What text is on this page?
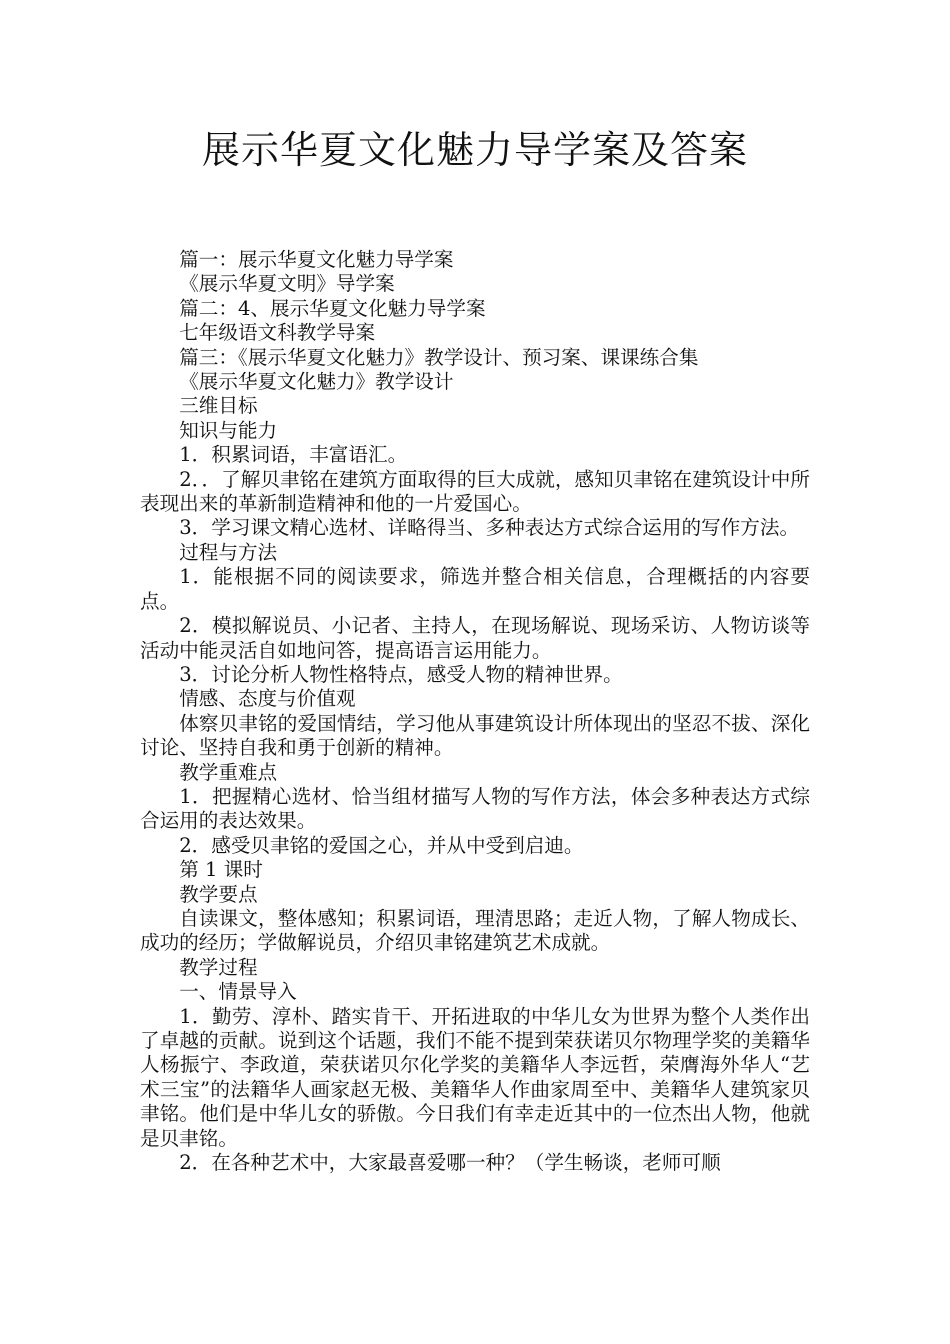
展示华夏文化魅力导学案及答案

篇一：展示华夏文化魅力导学案

《展示华夏文明》导学案

篇二：4、展示华夏文化魅力导学案

七年级语文科教学导案

篇三：《展示华夏文化魅力》教学设计、预习案、课课练合集

《展示华夏文化魅力》教学设计

三维目标

知识与能力

1．积累词语，丰富语汇。

2．．了解贝聿铭在建筑方面取得的巨大成就，感知贝聿铭在建筑设计中所表现出来的革新制造精神和他的一片爱国心。

3．学习课文精心选材、详略得当、多种表达方式综合运用的写作方法。

过程与方法

1．能根据不同的阅读要求，筛选并整合相关信息，合理概括的内容要点。

2．模拟解说员、小记者、主持人，在现场解说、现场采访、人物访谈等活动中能灵活自如地问答，提高语言运用能力。

3．讨论分析人物性格特点，感受人物的精神世界。

情感、态度与价值观

体察贝聿铭的爱国情结，学习他从事建筑设计所体现出的坚忍不拔、深化讨论、坚持自我和勇于创新的精神。

教学重难点

1．把握精心选材、恰当组材描写人物的写作方法，体会多种表达方式综合运用的表达效果。

2．感受贝聿铭的爱国之心，并从中受到启迪。

第 1 课时

教学要点

自读课文，整体感知；积累词语，理清思路；走近人物，了解人物成长、成功的经历；学做解说员，介绍贝聿铭建筑艺术成就。

教学过程

一、情景导入

1．勤劳、淳朴、踏实肯干、开拓进取的中华儿女为世界为整个人类作出了卓越的贡献。说到这个话题，我们不能不提到荣获诺贝尔物理学奖的美籍华人杨振宁、李政道，荣获诺贝尔化学奖的美籍华人李远哲，荣膺海外华人“艺术三宝”的法籍华人画家赵无极、美籍华人作曲家周至中、美籍华人建筑家贝聿铭。他们是中华儿女的骄傲。今日我们有幸走近其中的一位杰出人物，他就是贝聿铭。

2．在各种艺术中，大家最喜爱哪一种？（学生畅谈，老师可顺
